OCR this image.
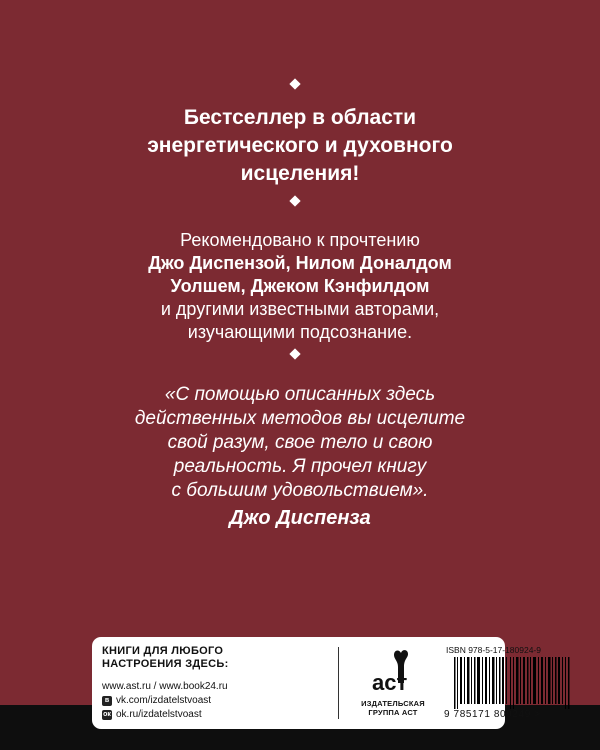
Бестселлер в области
энергетического и духовного
исцеления!
Рекомендовано к прочтению
Джо Диспензой, Нилом Доналдом
Уолшем, Джеком Кэнфилдом
и другими известными авторами,
изучающими подсознание.
«С помощью описанных здесь
действенных методов вы исцелите
свой разум, свое тело и свою
реальность. Я прочел книгу
с большим удовольствием».
Джо Диспенза
КНИГИ ДЛЯ ЛЮБОГО
НАСТРОЕНИЯ ЗДЕСЬ:
www.ast.ru / www.book24.ru
в vk.com/izdatelstvoast
ок ok.ru/izdatelstvoast
аст
ИЗДАТЕЛЬСКАЯ
ГРУППА АСТ
ISBN 978-5-17-180924-9
9 785171 809249 >
